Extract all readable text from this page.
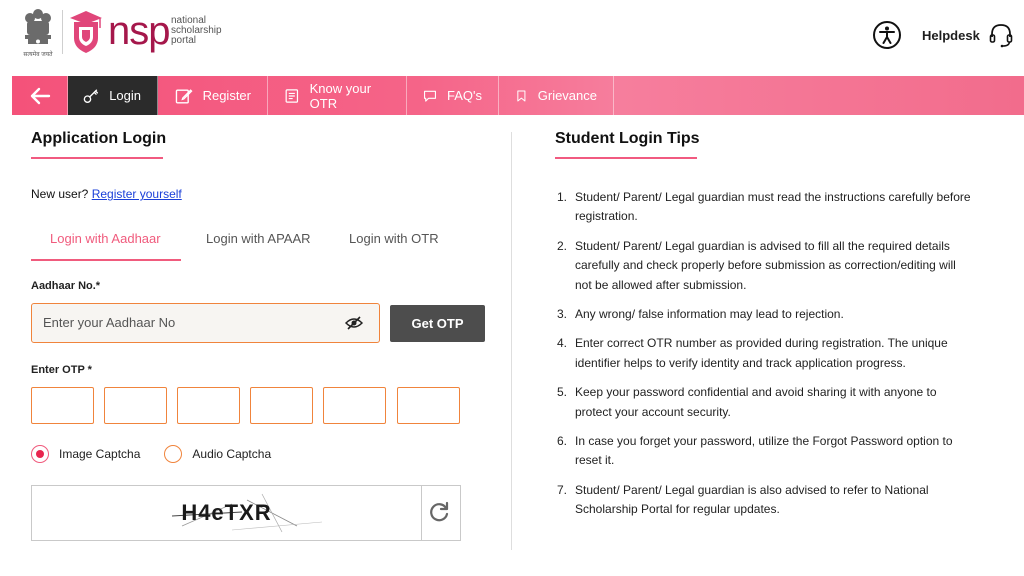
सत्यमेव जयते
nsp national
scholarship
portal	Helpdesk
Login	Register	Know your OTR	FAQ's	Grievance
Application Login
New user? Register yourself
Login with Aadhaar	Login with APAAR	Login with OTR
Aadhaar No.*
Enter your Aadhaar No
Get OTP
Enter OTP *
Image Captcha	Audio Captcha
H4eTXR
Student Login Tips
1. Student/ Parent/ Legal guardian must read the instructions carefully before registration.
2. Student/ Parent/ Legal guardian is advised to fill all the required details carefully and check properly before submission as correction/editing will not be allowed after submission.
3. Any wrong/ false information may lead to rejection.
4. Enter correct OTR number as provided during registration. The unique identifier helps to verify identity and track application progress.
5. Keep your password confidential and avoid sharing it with anyone to protect your account security.
6. In case you forget your password, utilize the Forgot Password option to reset it.
7. Student/ Parent/ Legal guardian is also advised to refer to National Scholarship Portal for regular updates.
